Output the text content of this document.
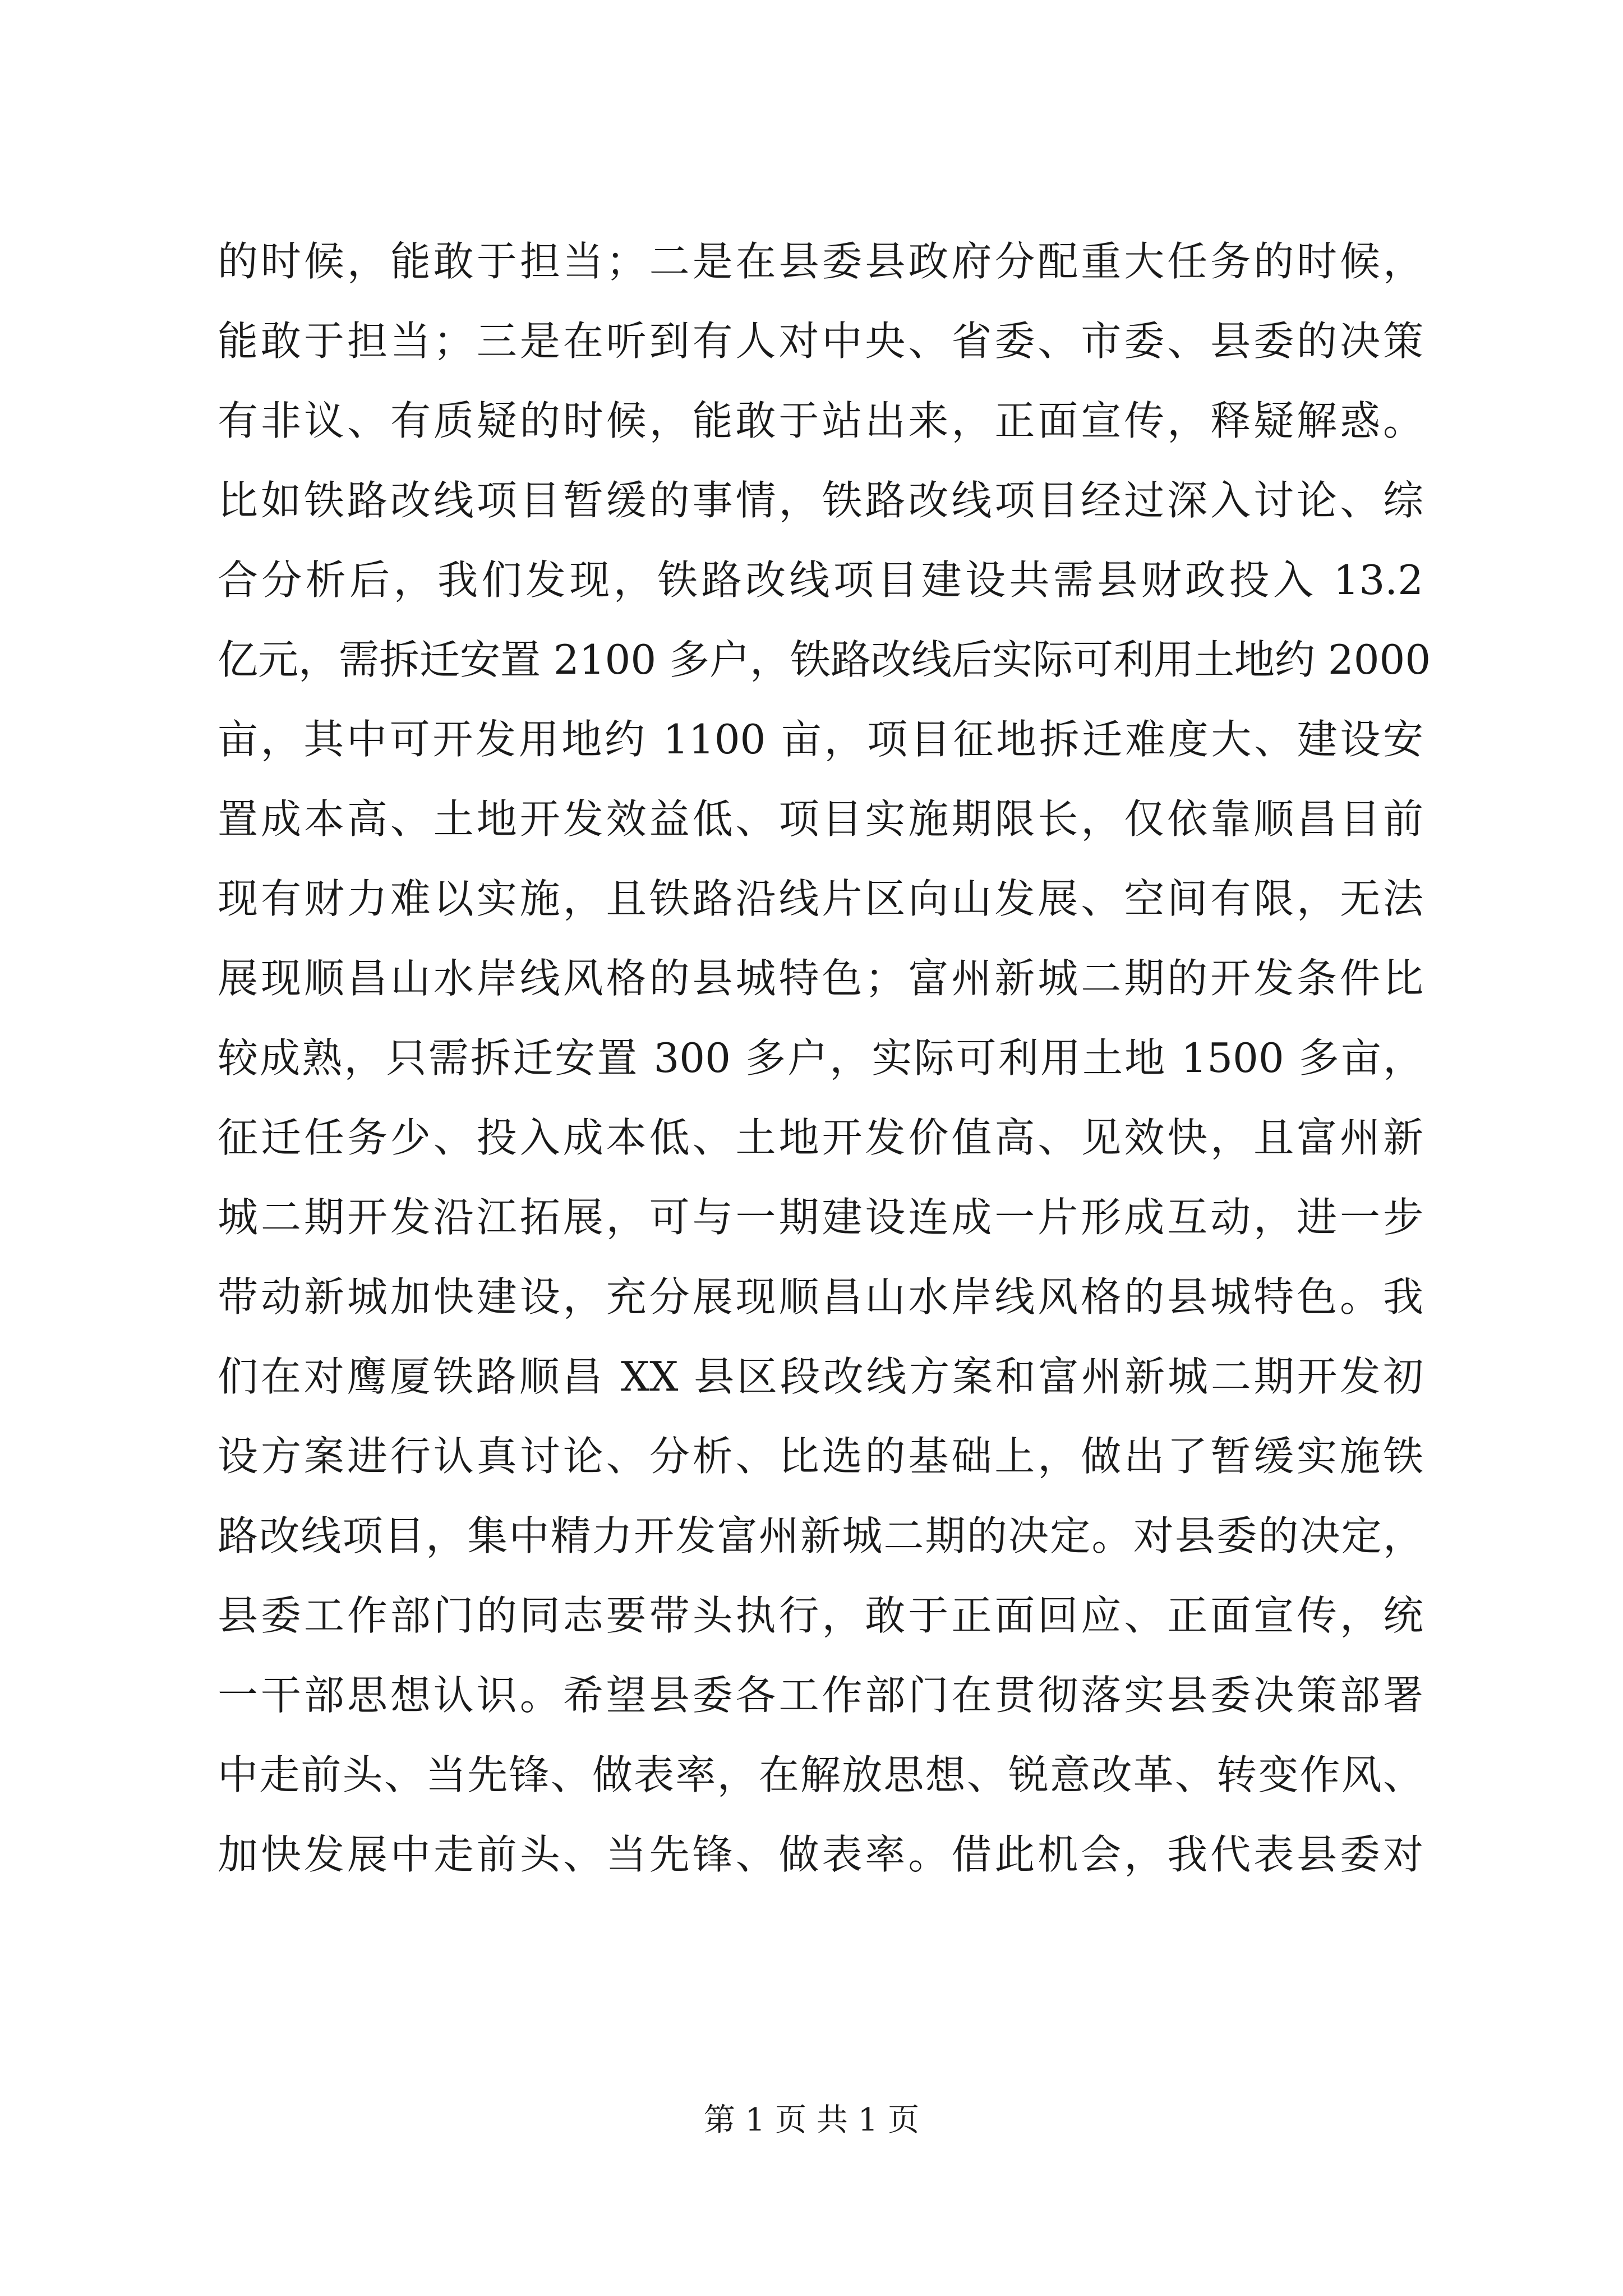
的时候，能敢于担当；二是在县委县政府分配重大任务的时候，
能敢于担当；三是在听到有人对中央、省委、市委、县委的决策
有非议、有质疑的时候，能敢于站出来，正面宣传，释疑解惑。
比如铁路改线项目暂缓的事情，铁路改线项目经过深入讨论、综
合分析后，我们发现，铁路改线项目建设共需县财政投入 13.2
亿元，需拆迁安置 2100 多户，铁路改线后实际可利用土地约 2000
亩，其中可开发用地约 1100 亩，项目征地拆迁难度大、建设安
置成本高、土地开发效益低、项目实施期限长，仅依靠顺昌目前
现有财力难以实施，且铁路沿线片区向山发展、空间有限，无法
展现顺昌山水岸线风格的县城特色；富州新城二期的开发条件比
较成熟，只需拆迁安置 300 多户，实际可利用土地 1500 多亩，
征迁任务少、投入成本低、土地开发价值高、见效快，且富州新
城二期开发沿江拓展，可与一期建设连成一片形成互动，进一步
带动新城加快建设，充分展现顺昌山水岸线风格的县城特色。我
们在对鹰厦铁路顺昌 XX 县区段改线方案和富州新城二期开发初
设方案进行认真讨论、分析、比选的基础上，做出了暂缓实施铁
路改线项目，集中精力开发富州新城二期的决定。对县委的决定，
县委工作部门的同志要带头执行，敢于正面回应、正面宣传，统
一干部思想认识。希望县委各工作部门在贯彻落实县委决策部署
中走前头、当先锋、做表率，在解放思想、锐意改革、转变作风、
加快发展中走前头、当先锋、做表率。借此机会，我代表县委对
第 1 页 共 1 页
